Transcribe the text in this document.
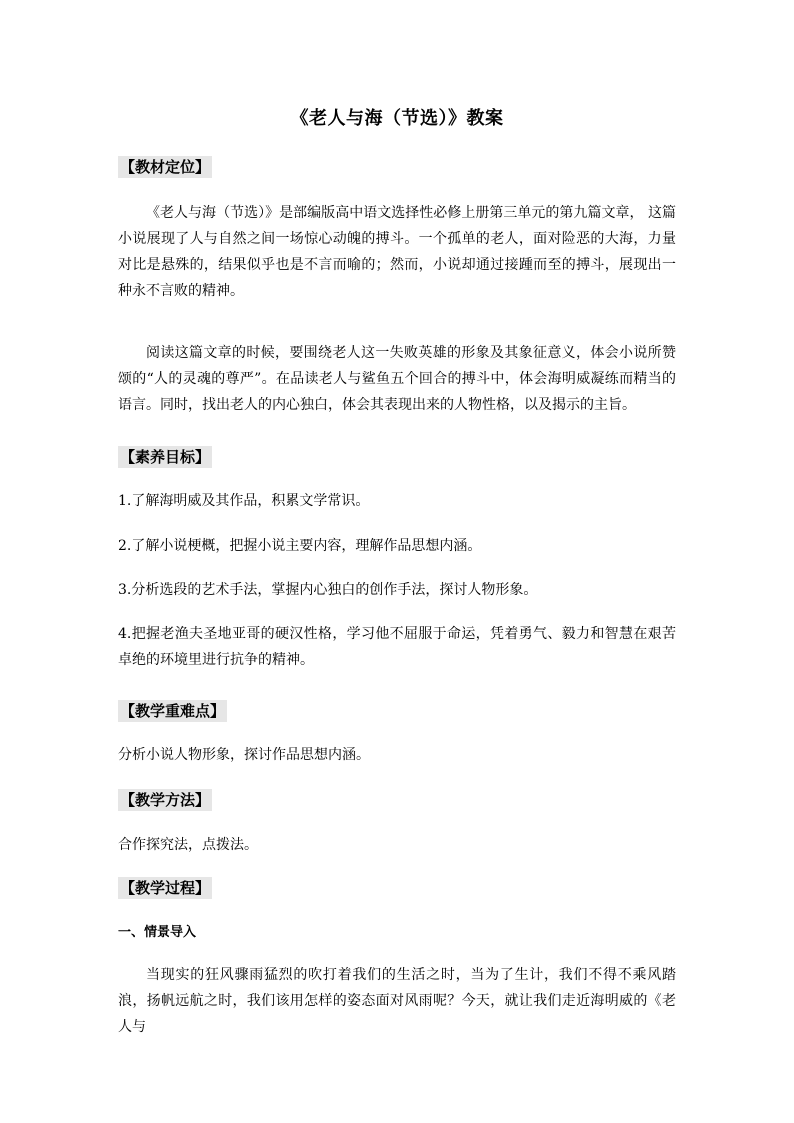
《老人与海（节选）》教案
【教材定位】
《老人与海（节选）》是部编版高中语文选择性必修上册第三单元的第九篇文章， 这篇小说展现了人与自然之间一场惊心动魄的搏斗。一个孤单的老人，面对险恶的大海，力量对比是悬殊的，结果似乎也是不言而喻的；然而，小说却通过接踵而至的搏斗，展现出一种永不言败的精神。
阅读这篇文章的时候，要围绕老人这一失败英雄的形象及其象征意义，体会小说所赞颂的“人的灵魂的尊严”。在品读老人与鲨鱼五个回合的搏斗中，体会海明威凝练而精当的语言。同时，找出老人的内心独白，体会其表现出来的人物性格，以及揭示的主旨。
【素养目标】
1.了解海明威及其作品，积累文学常识。
2.了解小说梗概，把握小说主要内容，理解作品思想内涵。
3.分析选段的艺术手法，掌握内心独白的创作手法，探讨人物形象。
4.把握老渔夫圣地亚哥的硬汉性格，学习他不屈服于命运，凭着勇气、毅力和智慧在艰苦卓绝的环境里进行抗争的精神。
【教学重难点】
分析小说人物形象，探讨作品思想内涵。
【教学方法】
合作探究法，点拨法。
【教学过程】
一、情景导入
当现实的狂风骤雨猛烈的吹打着我们的生活之时，当为了生计，我们不得不乘风踏浪，扬帆远航之时，我们该用怎样的姿态面对风雨呢？今天，就让我们走近海明威的《老人与
